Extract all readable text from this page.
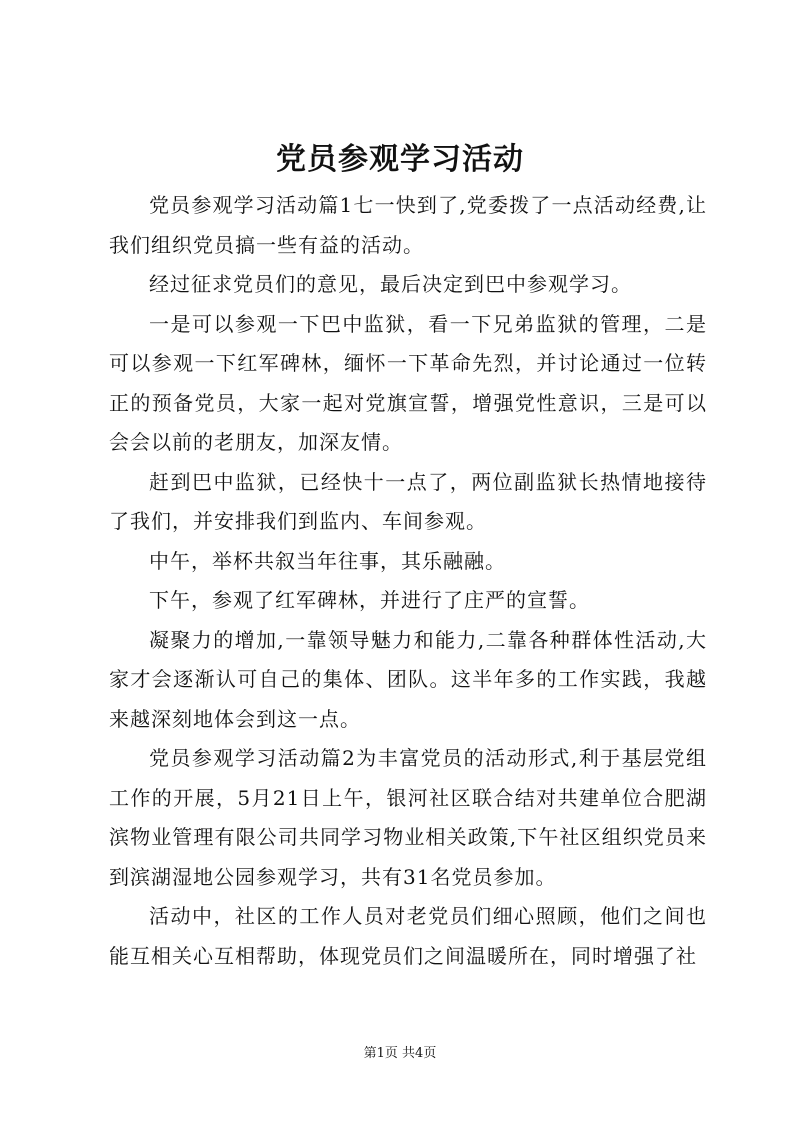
党员参观学习活动

党员参观学习活动篇1七一快到了,党委拨了一点活动经费,让我们组织党员搞一些有益的活动。

经过征求党员们的意见，最后决定到巴中参观学习。

一是可以参观一下巴中监狱，看一下兄弟监狱的管理，二是可以参观一下红军碑林，缅怀一下革命先烈，并讨论通过一位转正的预备党员，大家一起对党旗宣誓，增强党性意识，三是可以会会以前的老朋友，加深友情。

赶到巴中监狱，已经快十一点了，两位副监狱长热情地接待了我们，并安排我们到监内、车间参观。

中午，举杯共叙当年往事，其乐融融。

下午，参观了红军碑林，并进行了庄严的宣誓。

凝聚力的增加,一靠领导魅力和能力,二靠各种群体性活动,大家才会逐渐认可自己的集体、团队。这半年多的工作实践，我越来越深刻地体会到这一点。

党员参观学习活动篇2为丰富党员的活动形式,利于基层党组工作的开展，5月21日上午，银河社区联合结对共建单位合肥湖滨物业管理有限公司共同学习物业相关政策,下午社区组织党员来到滨湖湿地公园参观学习，共有31名党员参加。

活动中，社区的工作人员对老党员们细心照顾，他们之间也能互相关心互相帮助，体现党员们之间温暖所在，同时增强了社

第1页 共4页
